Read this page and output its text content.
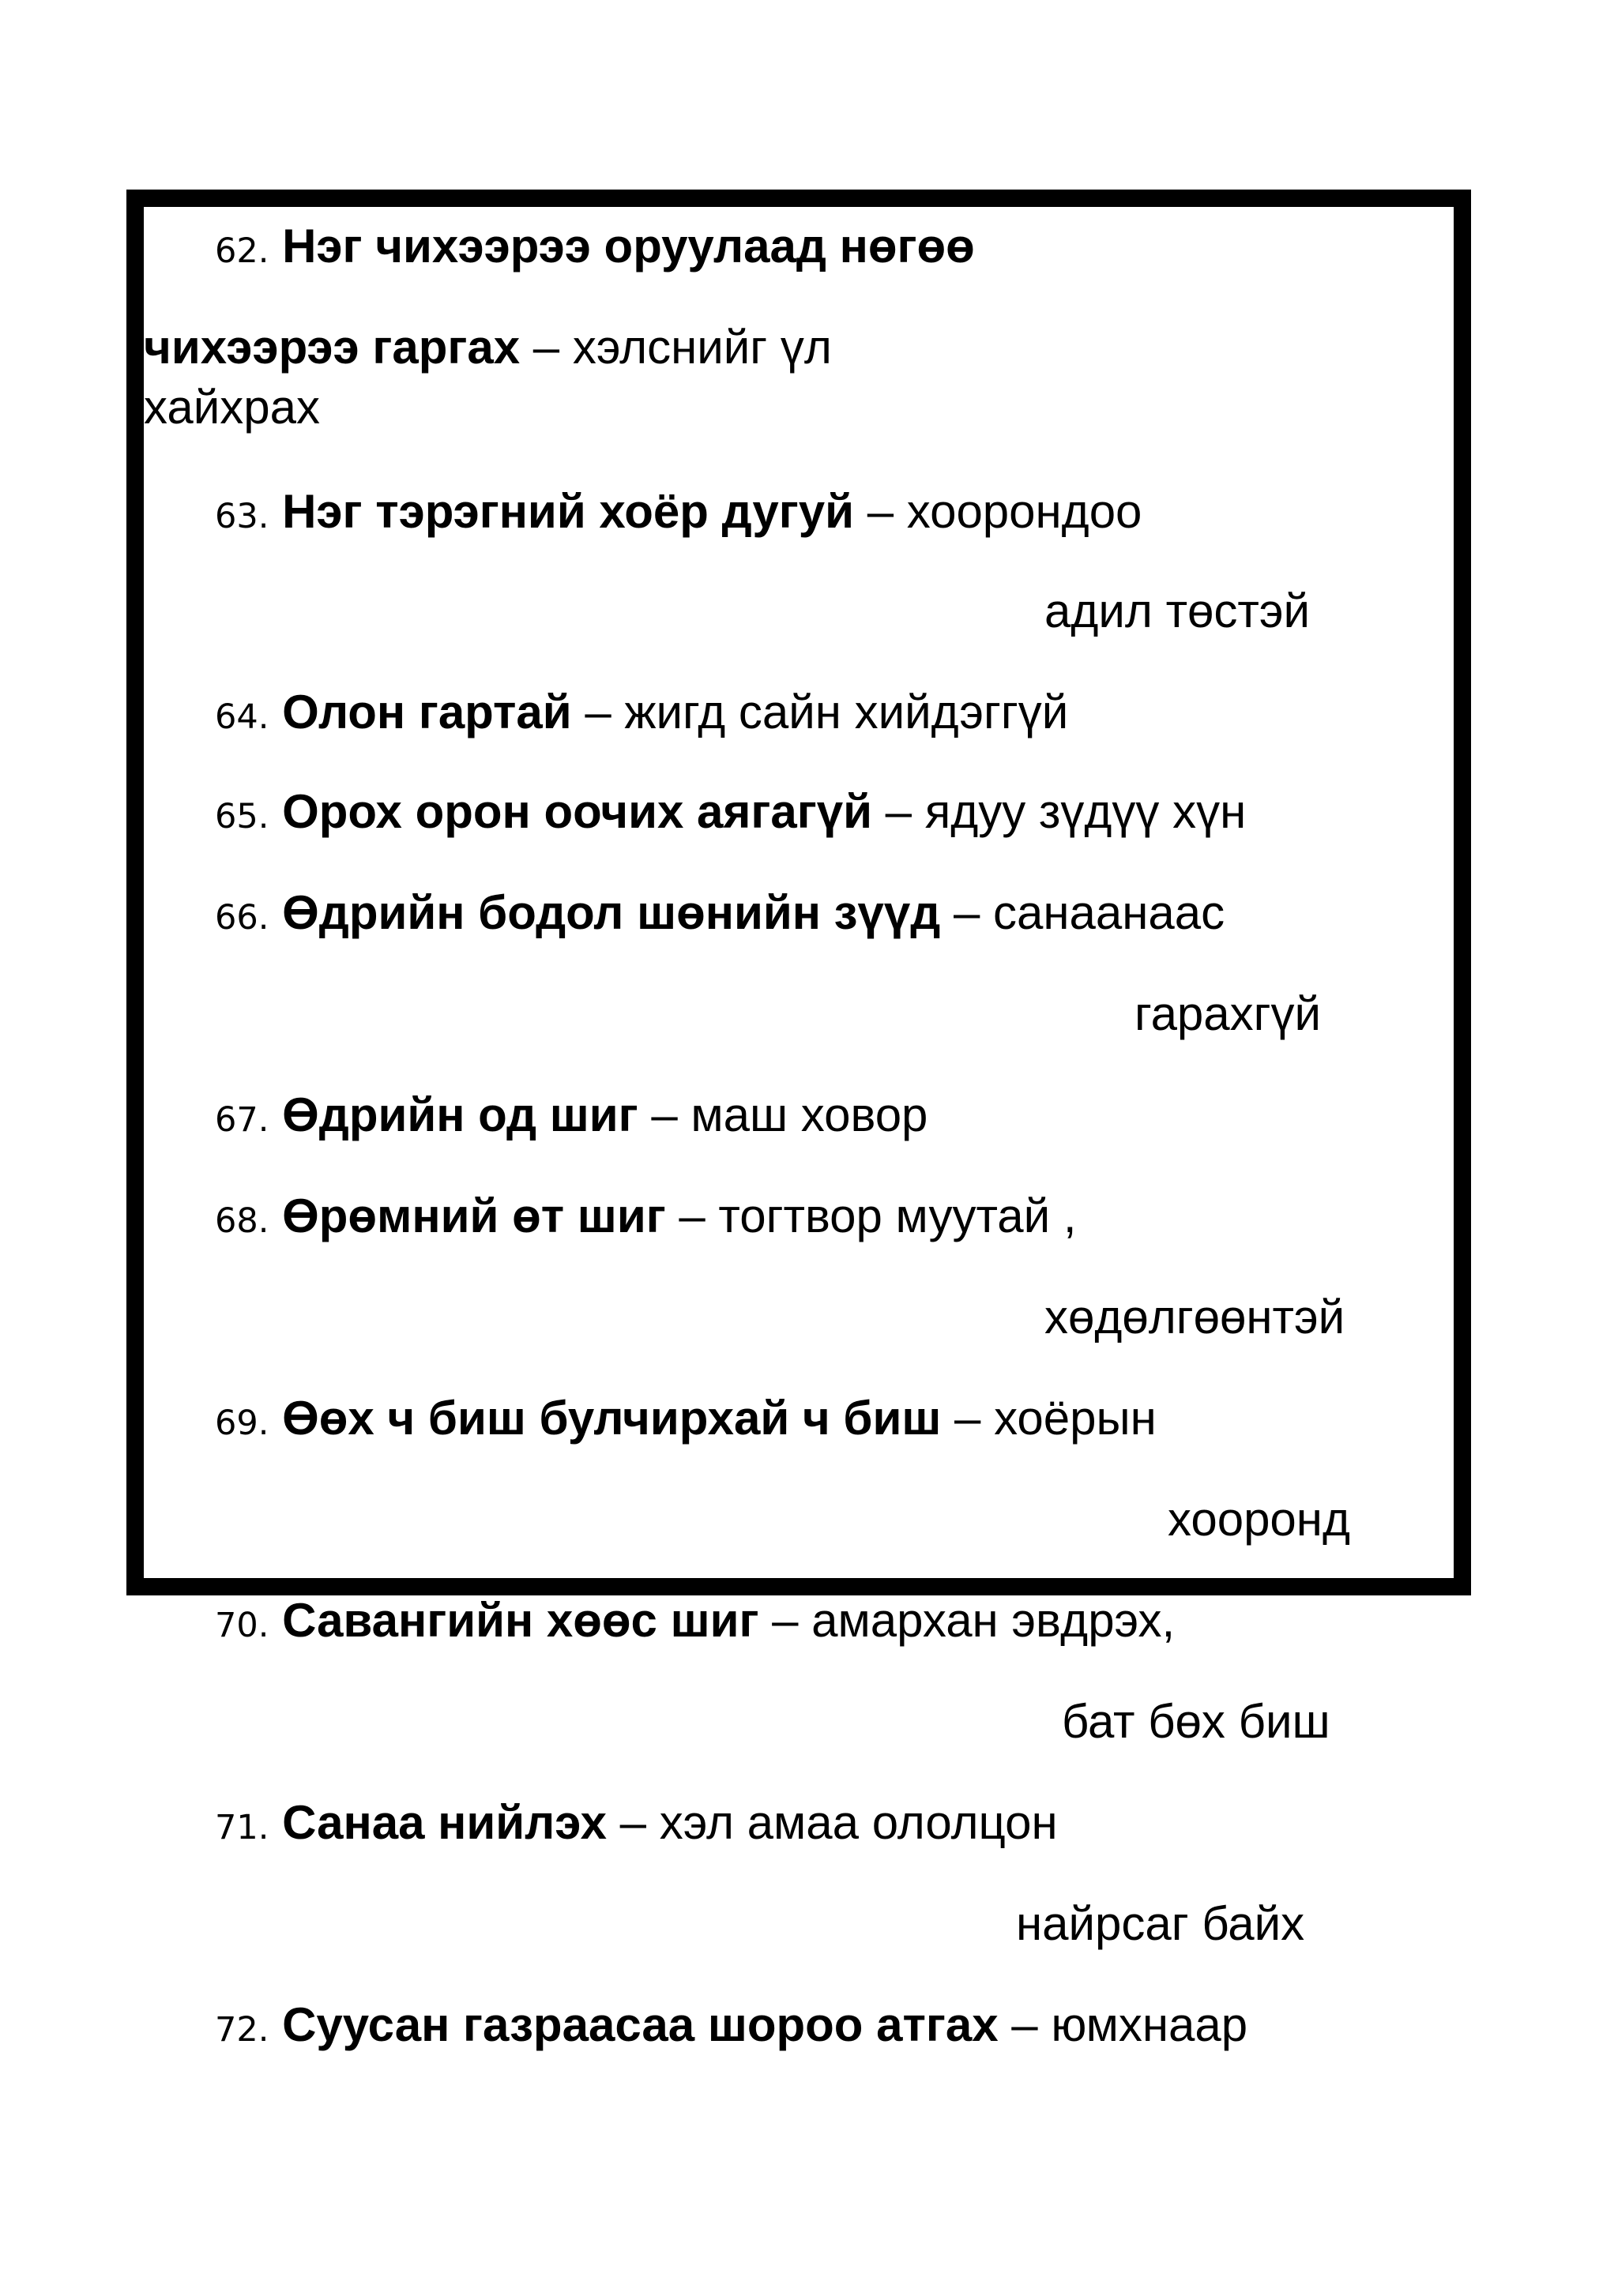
62. Нэг чихээрээ оруулаад нөгөө
чихээрээ гаргах – хэлснийг үл
хайхрах
63. Нэг тэрэгний хоёр дугуй – хоорондоо
адил төстэй
64. Олон гартай – жигд сайн хийдэггүй
65. Орох орон оочих аягагүй – ядуу зүдүү хүн
66. Өдрийн бодол шөнийн зүүд – санаанаас
гарахгүй
67. Өдрийн од шиг – маш ховор
68. Өрөмний өт шиг – тогтвор муутай ,
хөдөлгөөнтэй
69. Өөх ч биш булчирхай ч биш – хоёрын
хооронд
70. Савангийн хөөс шиг – амархан эвдрэх,
бат бөх биш
71. Санаа нийлэх – хэл амаа ололцон
найрсаг байх
72. Суусан газраасаа шороо атгах – юмхнаар
